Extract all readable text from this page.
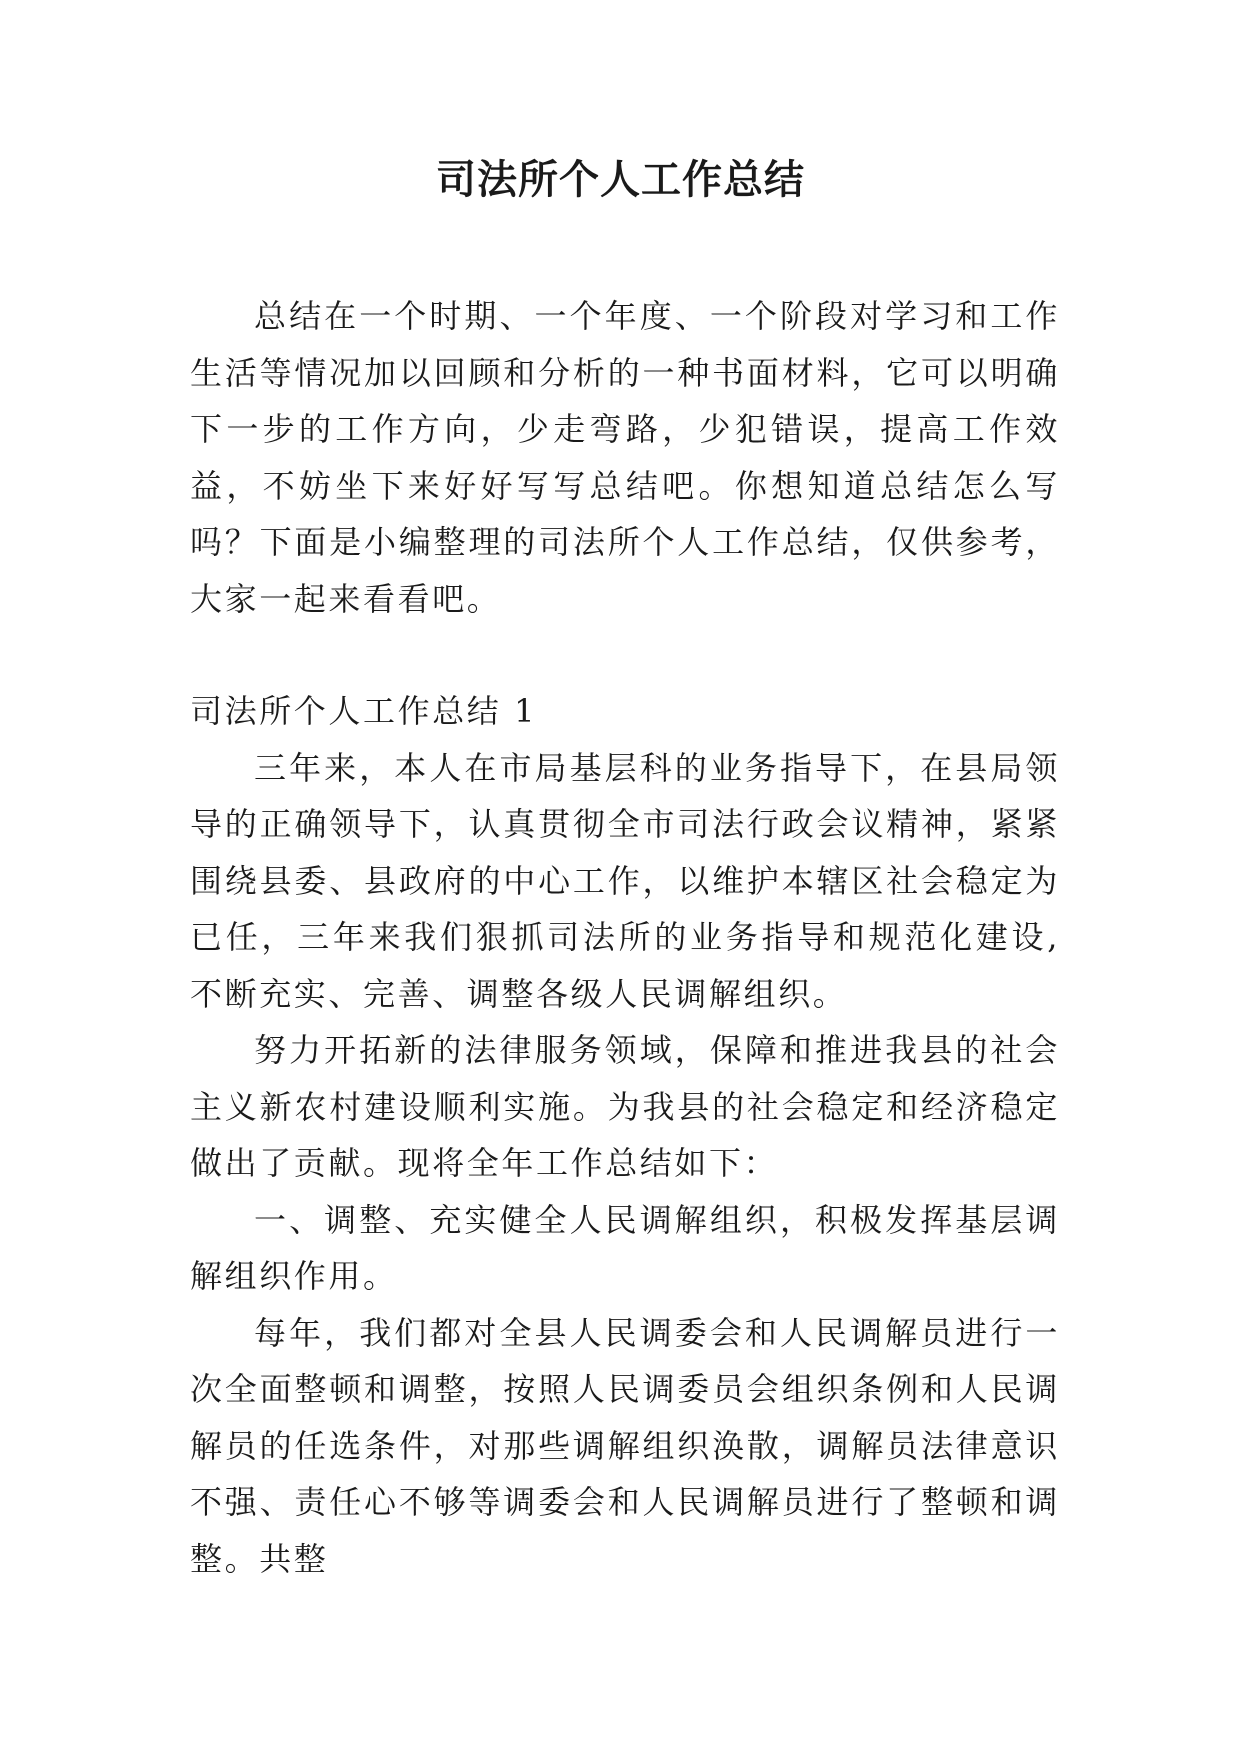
司法所个人工作总结

总结在一个时期、一个年度、一个阶段对学习和工作生活等情况加以回顾和分析的一种书面材料，它可以明确下一步的工作方向，少走弯路，少犯错误，提高工作效益，不妨坐下来好好写写总结吧。你想知道总结怎么写吗？下面是小编整理的司法所个人工作总结，仅供参考，大家一起来看看吧。

司法所个人工作总结 1

三年来，本人在市局基层科的业务指导下，在县局领导的正确领导下，认真贯彻全市司法行政会议精神，紧紧围绕县委、县政府的中心工作，以维护本辖区社会稳定为已任，三年来我们狠抓司法所的业务指导和规范化建设,不断充实、完善、调整各级人民调解组织。

努力开拓新的法律服务领域，保障和推进我县的社会主义新农村建设顺利实施。为我县的社会稳定和经济稳定做出了贡献。现将全年工作总结如下：

一、调整、充实健全人民调解组织，积极发挥基层调解组织作用。

每年，我们都对全县人民调委会和人民调解员进行一次全面整顿和调整，按照人民调委员会组织条例和人民调解员的任选条件，对那些调解组织涣散，调解员法律意识不强、责任心不够等调委会和人民调解员进行了整顿和调整。共整
